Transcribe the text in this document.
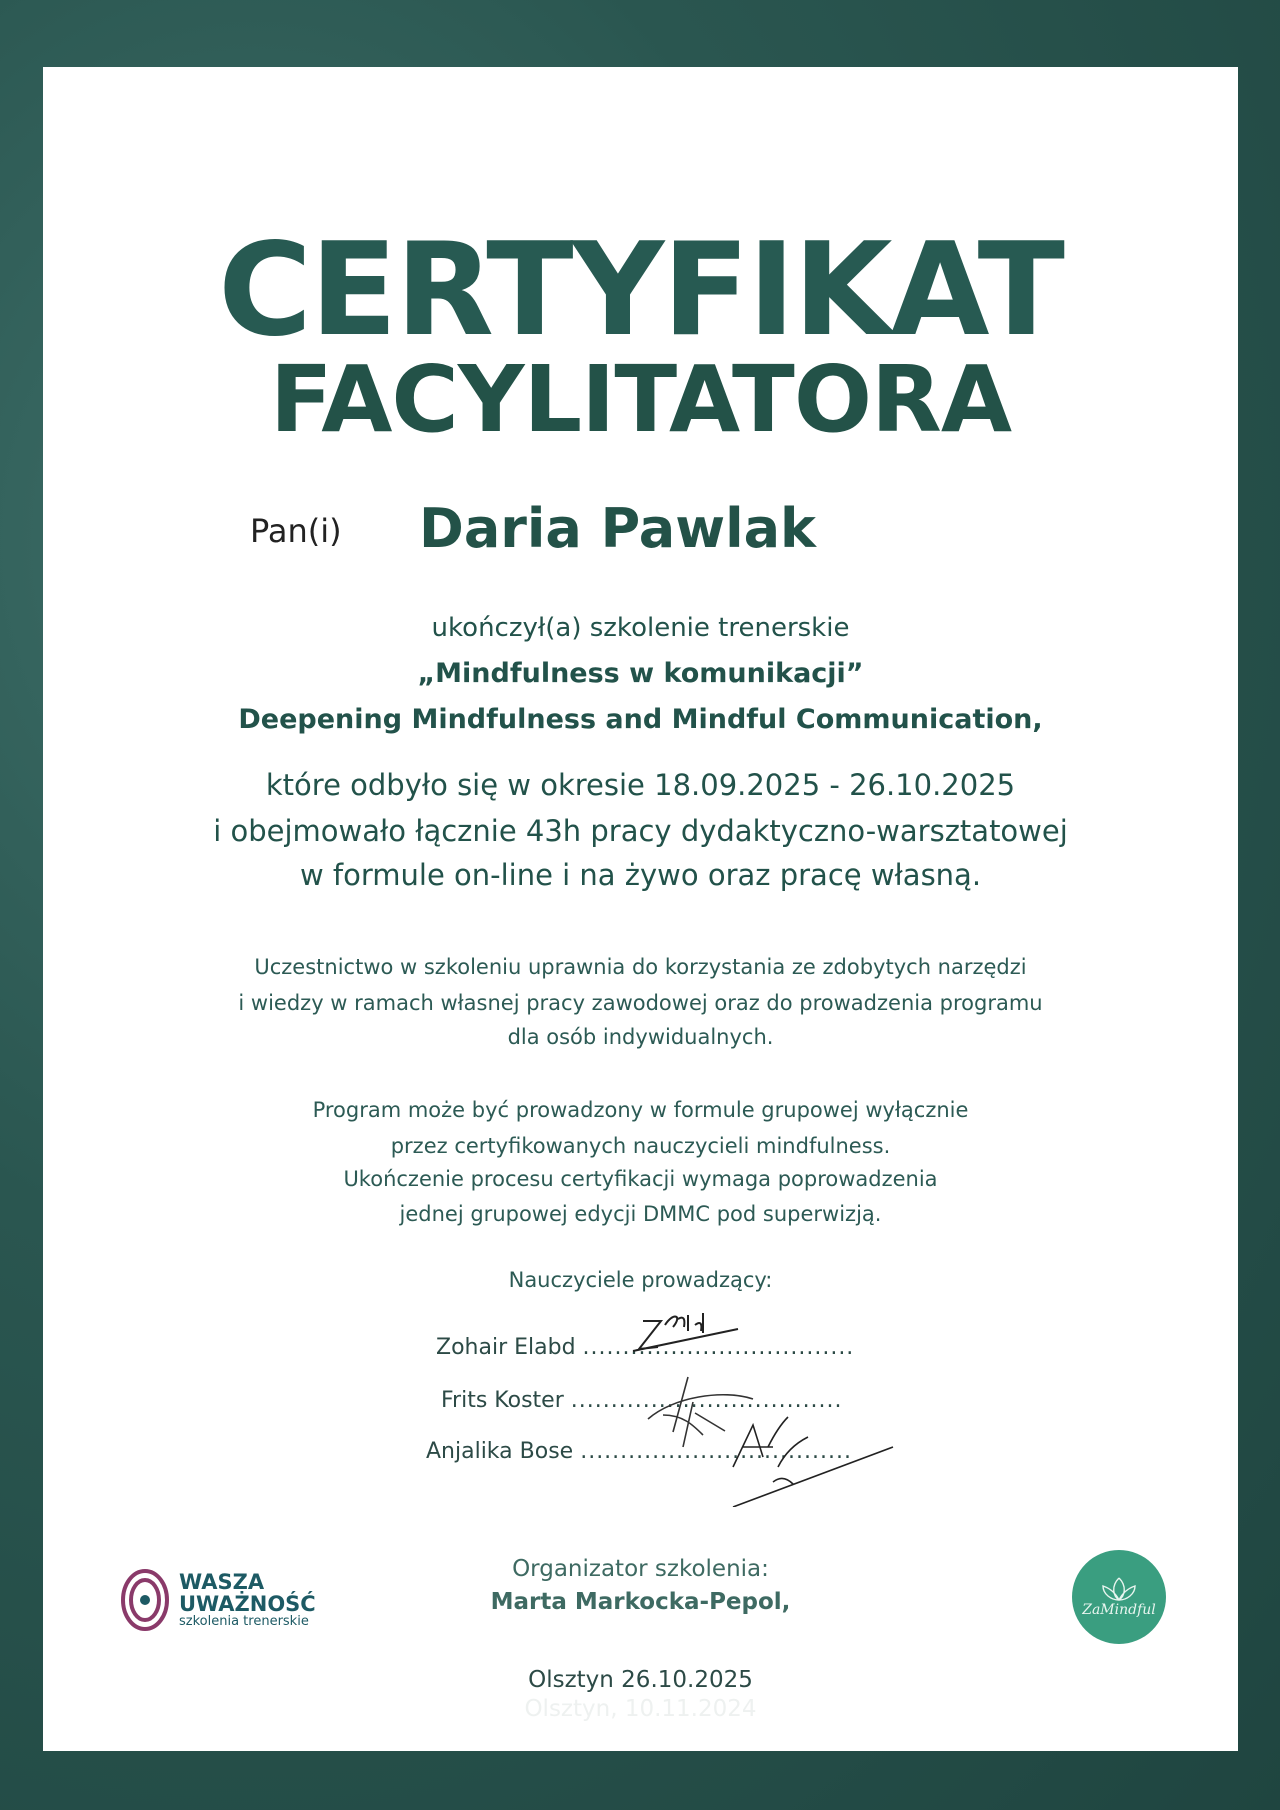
CERTYFIKAT
FACYLITATORA
Pan(i) Daria Pawlak
ukończył(a) szkolenie trenerskie
„Mindfulness w komunikacji”
Deepening Mindfulness and Mindful Communication,
które odbyło się w okresie 18.09.2025 - 26.10.2025
i obejmowało łącznie 43h pracy dydaktyczno-warsztatowej
w formule on-line i na żywo oraz pracę własną.
Uczestnictwo w szkoleniu uprawnia do korzystania ze zdobytych narzędzi
i wiedzy w ramach własnej pracy zawodowej oraz do prowadzenia programu
dla osób indywidualnych.
Program może być prowadzony w formule grupowej wyłącznie
przez certyfikowanych nauczycieli mindfulness.
Ukończenie procesu certyfikacji wymaga poprowadzenia
jednej grupowej edycji DMMC pod superwizją.
Nauczyciele prowadzący:
Zohair Elabd ..................................
Frits Koster ..................................
Anjalika Bose ..................................
WASZA
UWAŻNOŚĆ
szkolenia trenerskie
Organizator szkolenia:
Marta Markocka-Pepol,	ZaMindful
Olsztyn 26.10.2025
Olsztyn, 10.11.2024
